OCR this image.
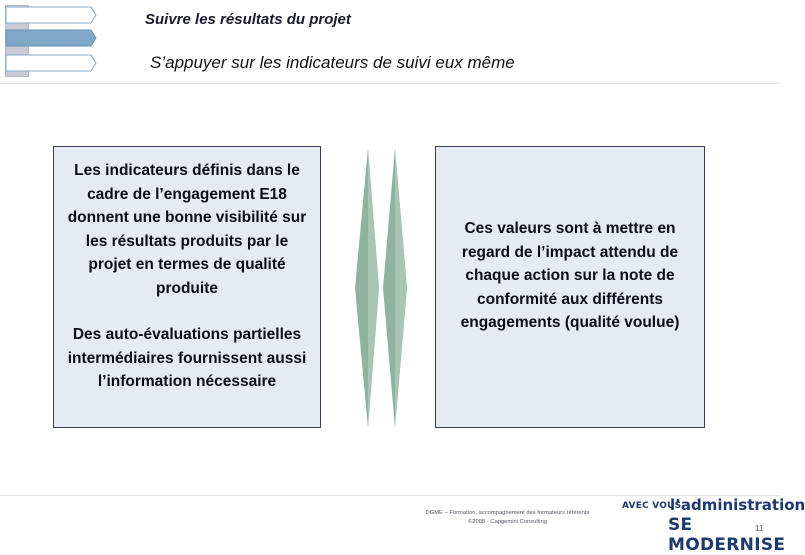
Suivre les résultats du projet
S’appuyer sur les indicateurs de suivi eux même

Les indicateurs définis dans le cadre de l’engagement E18 donnent une bonne visibilité sur les résultats produits par le projet en termes de qualité produite

Des auto-évaluations partielles intermédiaires fournissent aussi l’information nécessaire

Ces valeurs sont à mettre en regard de l’impact attendu de chaque action sur la note de conformité aux différents engagements (qualité voulue)

DGME – Formation, accompagnement des formateurs référents
©2008 - Capgemini Consulting
AVEC VOUS
l’administration
SE MODERNISE
11
